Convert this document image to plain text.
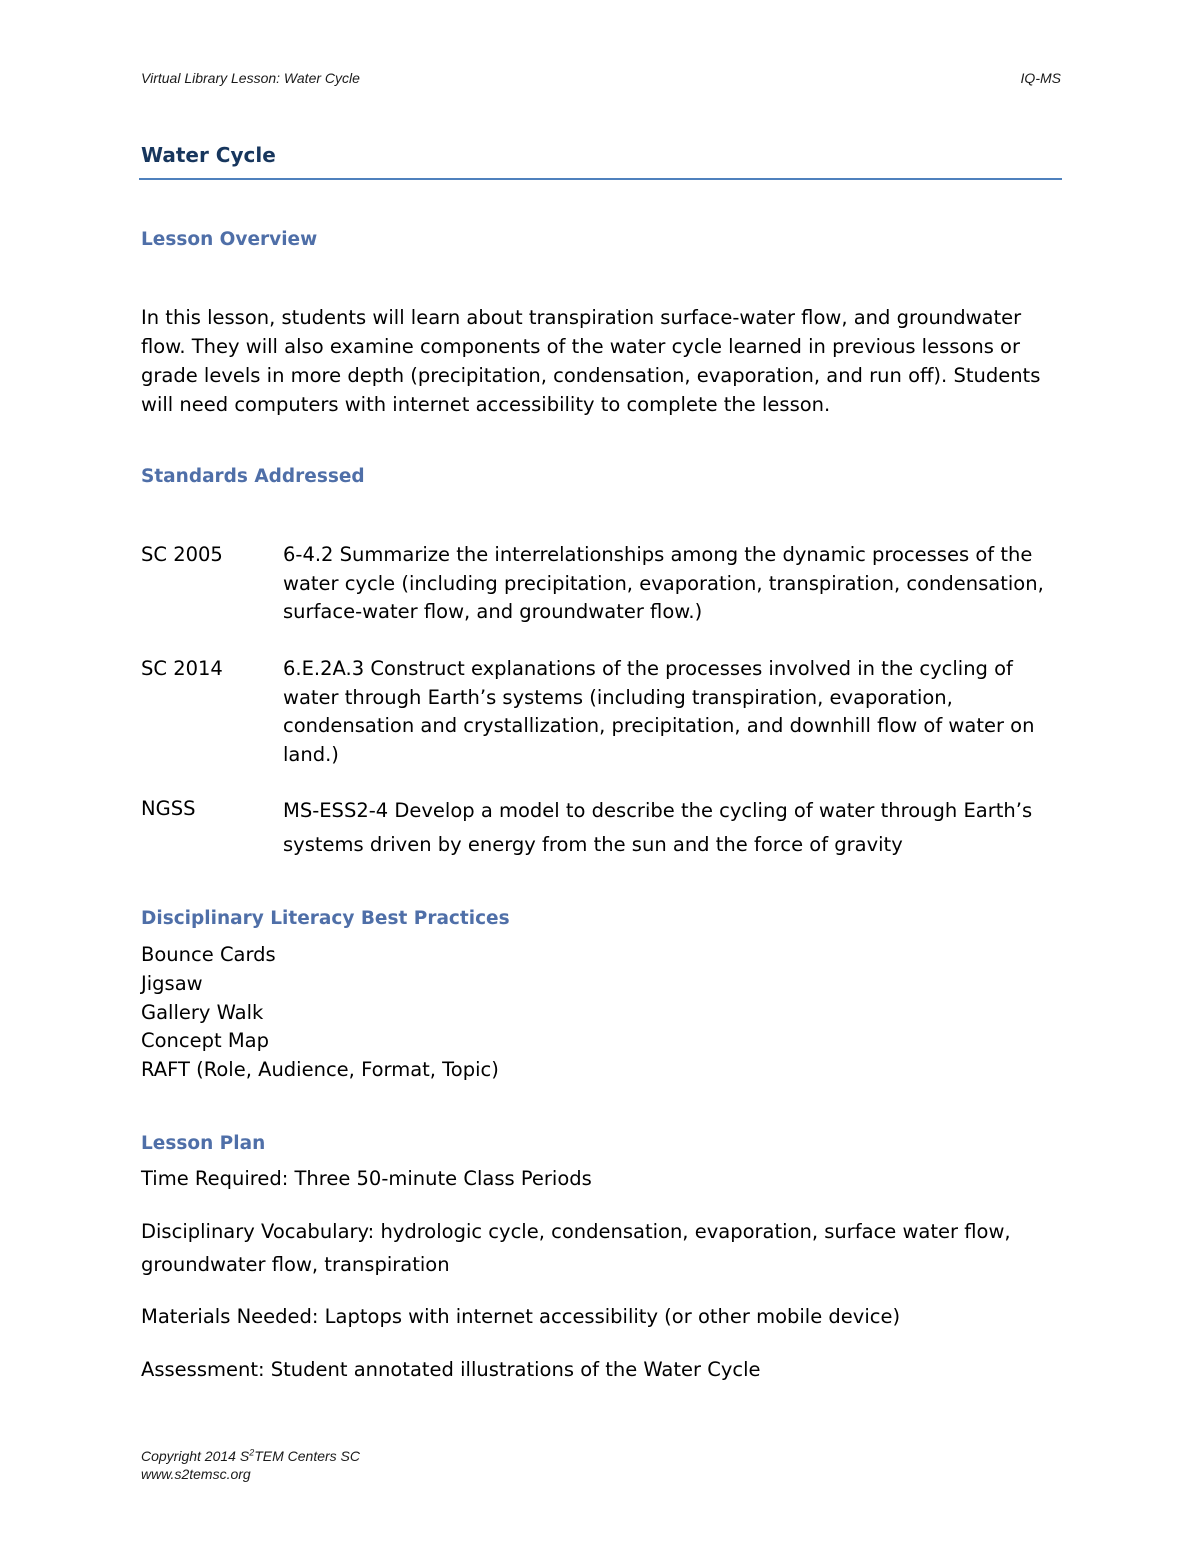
Virtual Library Lesson: Water Cycle	IQ-MS
Water Cycle
Lesson Overview
In this lesson, students will learn about transpiration surface-water flow, and groundwater flow. They will also examine components of the water cycle learned in previous lessons or grade levels in more depth (precipitation, condensation, evaporation, and run off). Students will need computers with internet accessibility to complete the lesson.
Standards Addressed
SC 2005	6-4.2 Summarize the interrelationships among the dynamic processes of the water cycle (including precipitation, evaporation, transpiration, condensation, surface-water flow, and groundwater flow.)
SC 2014	6.E.2A.3 Construct explanations of the processes involved in the cycling of water through Earth’s systems (including transpiration, evaporation, condensation and crystallization, precipitation, and downhill flow of water on land.)
NGSS	MS-ESS2-4 Develop a model to describe the cycling of water through Earth’s systems driven by energy from the sun and the force of gravity
Disciplinary Literacy Best Practices
Bounce Cards
Jigsaw
Gallery Walk
Concept Map
RAFT (Role, Audience, Format, Topic)
Lesson Plan
Time Required: Three 50-minute Class Periods
Disciplinary Vocabulary: hydrologic cycle, condensation, evaporation, surface water flow, groundwater flow, transpiration
Materials Needed: Laptops with internet accessibility (or other mobile device)
Assessment: Student annotated illustrations of the Water Cycle
Copyright 2014 $S^2TEM$ Centers SC
www.s2temsc.org
